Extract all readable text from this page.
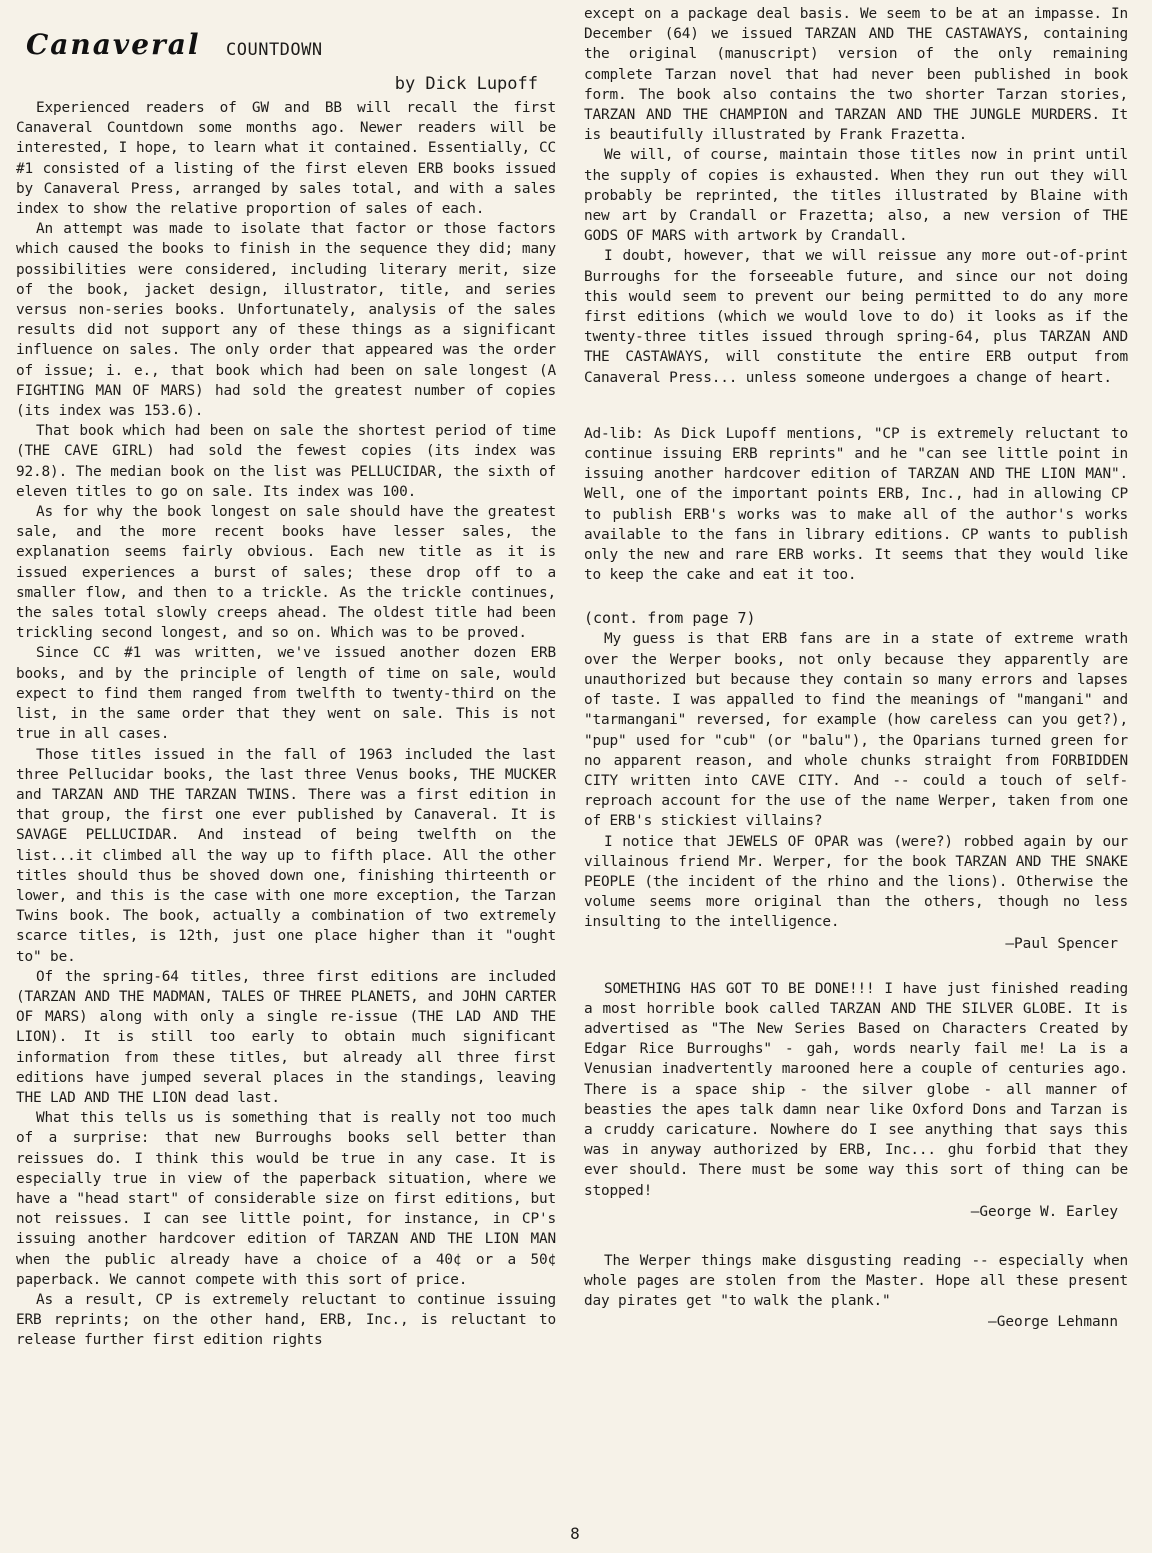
Canaveral COUNTDOWN
by Dick Lupoff

Experienced readers of GW and BB will recall the first Canaveral Countdown some months ago. Newer readers will be interested, I hope, to learn what it contained. Essentially, CC #1 consisted of a listing of the first eleven ERB books issued by Canaveral Press, arranged by sales total, and with a sales index to show the relative proportion of sales of each.

An attempt was made to isolate that factor or those factors which caused the books to finish in the sequence they did; many possibilities were considered, including literary merit, size of the book, jacket design, illustrator, title, and series versus non-series books. Unfortunately, analysis of the sales results did not support any of these things as a significant influence on sales. The only order that appeared was the order of issue; i. e., that book which had been on sale longest (A FIGHTING MAN OF MARS) had sold the greatest number of copies (its index was 153.6).

That book which had been on sale the shortest period of time (THE CAVE GIRL) had sold the fewest copies (its index was 92.8). The median book on the list was PELLUCIDAR, the sixth of eleven titles to go on sale. Its index was 100.

As for why the book longest on sale should have the greatest sale, and the more recent books have lesser sales, the explanation seems fairly obvious. Each new title as it is issued experiences a burst of sales; these drop off to a smaller flow, and then to a trickle. As the trickle continues, the sales total slowly creeps ahead. The oldest title had been trickling second longest, and so on. Which was to be proved.

Since CC #1 was written, we've issued another dozen ERB books, and by the principle of length of time on sale, would expect to find them ranged from twelfth to twenty-third on the list, in the same order that they went on sale. This is not true in all cases.

Those titles issued in the fall of 1963 included the last three Pellucidar books, the last three Venus books, THE MUCKER and TARZAN AND THE TARZAN TWINS. There was a first edition in that group, the first one ever published by Canaveral. It is SAVAGE PELLUCIDAR. And instead of being twelfth on the list...it climbed all the way up to fifth place. All the other titles should thus be shoved down one, finishing thirteenth or lower, and this is the case with one more exception, the Tarzan Twins book. The book, actually a combination of two extremely scarce titles, is 12th, just one place higher than it "ought to" be.

Of the spring-64 titles, three first editions are included (TARZAN AND THE MADMAN, TALES OF THREE PLANETS, and JOHN CARTER OF MARS) along with only a single re-issue (THE LAD AND THE LION). It is still too early to obtain much significant information from these titles, but already all three first editions have jumped several places in the standings, leaving THE LAD AND THE LION dead last.

What this tells us is something that is really not too much of a surprise: that new Burroughs books sell better than reissues do. I think this would be true in any case. It is especially true in view of the paperback situation, where we have a "head start" of considerable size on first editions, but not reissues. I can see little point, for instance, in CP's issuing another hardcover edition of TARZAN AND THE LION MAN when the public already have a choice of a 40¢ or a 50¢ paperback. We cannot compete with this sort of price.

As a result, CP is extremely reluctant to continue issuing ERB reprints; on the other hand, ERB, Inc., is reluctant to release further first edition rights

except on a package deal basis. We seem to be at an impasse. In December (64) we issued TARZAN AND THE CASTAWAYS, containing the original (manuscript) version of the only remaining complete Tarzan novel that had never been published in book form. The book also contains the two shorter Tarzan stories, TARZAN AND THE CHAMPION and TARZAN AND THE JUNGLE MURDERS. It is beautifully illustrated by Frank Frazetta.

We will, of course, maintain those titles now in print until the supply of copies is exhausted. When they run out they will probably be reprinted, the titles illustrated by Blaine with new art by Crandall or Frazetta; also, a new version of THE GODS OF MARS with artwork by Crandall.

I doubt, however, that we will reissue any more out-of-print Burroughs for the forseeable future, and since our not doing this would seem to prevent our being permitted to do any more first editions (which we would love to do) it looks as if the twenty-three titles issued through spring-64, plus TARZAN AND THE CASTAWAYS, will constitute the entire ERB output from Canaveral Press... unless someone undergoes a change of heart.

Ad-lib: As Dick Lupoff mentions, "CP is extremely reluctant to continue issuing ERB reprints" and he "can see little point in issuing another hardcover edition of TARZAN AND THE LION MAN". Well, one of the important points ERB, Inc., had in allowing CP to publish ERB's works was to make all of the author's works available to the fans in library editions. CP wants to publish only the new and rare ERB works. It seems that they would like to keep the cake and eat it too.

(cont. from page 7)

My guess is that ERB fans are in a state of extreme wrath over the Werper books, not only because they apparently are unauthorized but because they contain so many errors and lapses of taste. I was appalled to find the meanings of "mangani" and "tarmangani" reversed, for example (how careless can you get?), "pup" used for "cub" (or "balu"), the Oparians turned green for no apparent reason, and whole chunks straight from FORBIDDEN CITY written into CAVE CITY. And -- could a touch of self-reproach account for the use of the name Werper, taken from one of ERB's stickiest villains?

I notice that JEWELS OF OPAR was (were?) robbed again by our villainous friend Mr. Werper, for the book TARZAN AND THE SNAKE PEOPLE (the incident of the rhino and the lions). Otherwise the volume seems more original than the others, though no less insulting to the intelligence.

—Paul Spencer

SOMETHING HAS GOT TO BE DONE!!! I have just finished reading a most horrible book called TARZAN AND THE SILVER GLOBE. It is advertised as "The New Series Based on Characters Created by Edgar Rice Burroughs" - gah, words nearly fail me! La is a Venusian inadvertently marooned here a couple of centuries ago. There is a space ship - the silver globe - all manner of beasties the apes talk damn near like Oxford Dons and Tarzan is a cruddy caricature. Nowhere do I see anything that says this was in anyway authorized by ERB, Inc... ghu forbid that they ever should. There must be some way this sort of thing can be stopped!

—George W. Earley

The Werper things make disgusting reading -- especially when whole pages are stolen from the Master. Hope all these present day pirates get "to walk the plank."

—George Lehmann
8
